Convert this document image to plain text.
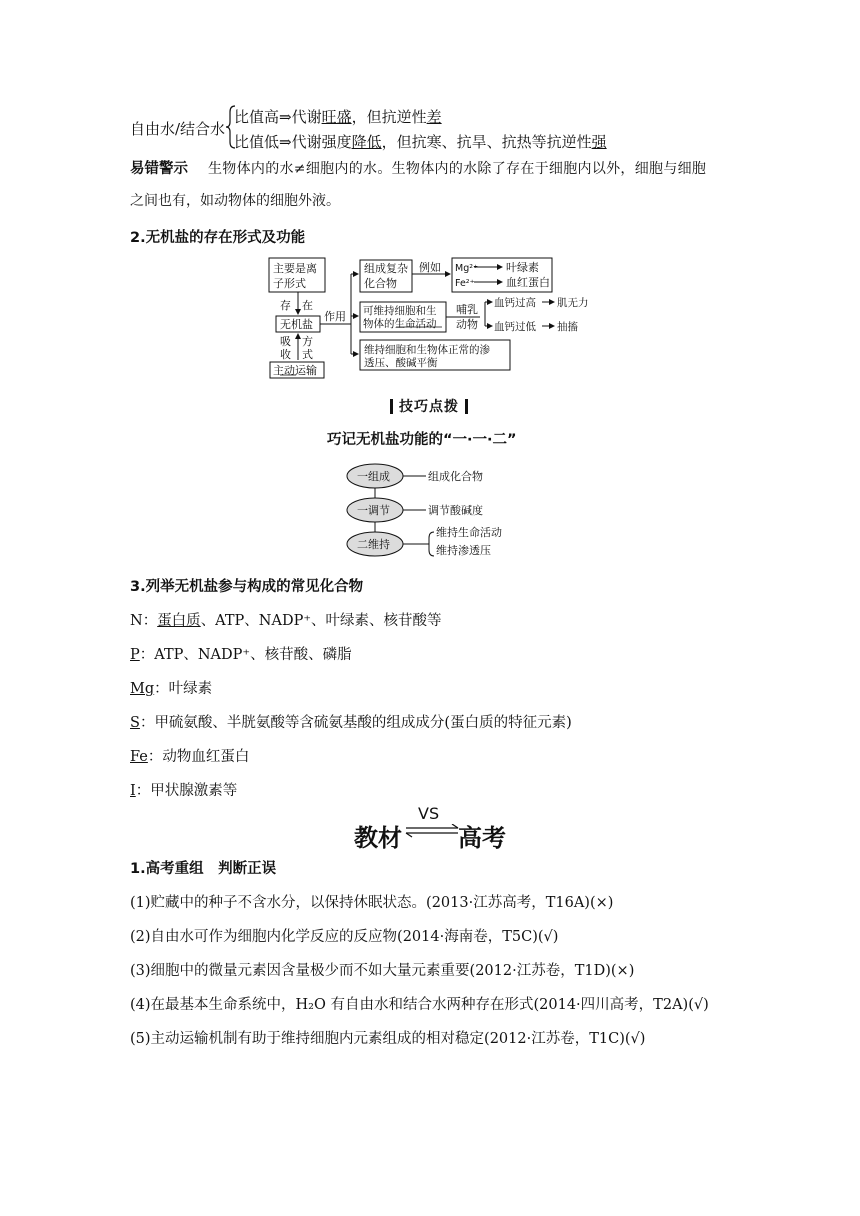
自由水/结合水
比值高⇒代谢旺盛，但抗逆性差
比值低⇒代谢强度降低，但抗寒、抗旱、抗热等抗逆性强
易错警示 生物体内的水≠细胞内的水。生物体内的水除了存在于细胞内以外，细胞与细胞
之间也有，如动物体的细胞外液。
2.无机盐的存在形式及功能
主要是离
子形式
存 在
无机盐
吸
收
方
式
主动运输
作用
组成复杂
化合物
例如 Mg²⁺	叶绿素
Fe²⁺	血红蛋白
可维持细胞和生
物体的生命活动
哺乳
动物
血钙过高 肌无力
血钙过低 抽搐
维持细胞和生物体正常的渗
透压、酸碱平衡
技巧点拨
巧记无机盐功能的“一·一·二”
一组成
一调节
二维持
组成化合物
调节酸碱度
维持生命活动
维持渗透压
3.列举无机盐参与构成的常见化合物
N：蛋白质、ATP、NADP⁺、叶绿素、核苷酸等
P：ATP、NADP⁺、核苷酸、磷脂
Mg：叶绿素
S：甲硫氨酸、半胱氨酸等含硫氨基酸的组成成分(蛋白质的特征元素)
Fe：动物血红蛋白
I：甲状腺激素等
教材
VS
高考
1.高考重组　判断正误
(1)贮藏中的种子不含水分，以保持休眠状态。(2013·江苏高考，T16A)(×)
(2)自由水可作为细胞内化学反应的反应物(2014·海南卷，T5C)(√)
(3)细胞中的微量元素因含量极少而不如大量元素重要(2012·江苏卷，T1D)(×)
(4)在最基本生命系统中，H₂O 有自由水和结合水两种存在形式(2014·四川高考，T2A)(√)
(5)主动运输机制有助于维持细胞内元素组成的相对稳定(2012·江苏卷，T1C)(√)
